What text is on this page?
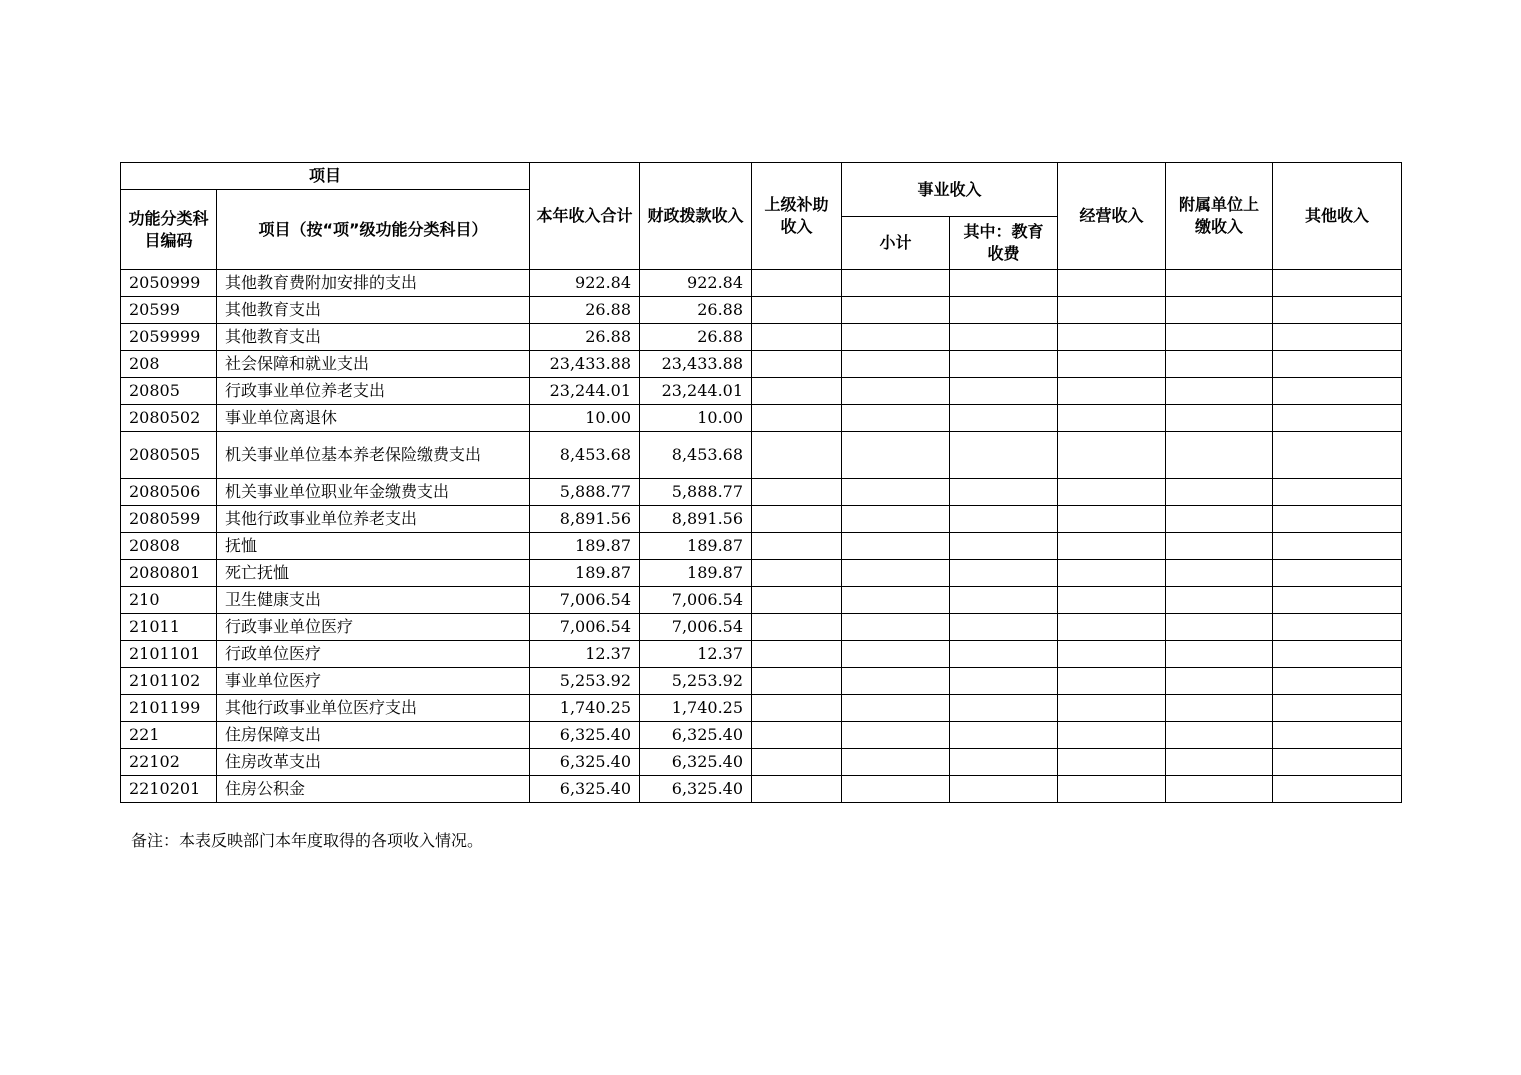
项目		本年收入合计	财政拨款收入	上级补助收入	事业收入		经营收入	附属单位上缴收入	其他收入
功能分类科目编码	项目（按“项”级功能分类科目）								
					小计	其中：教育收费			
2050999	其他教育费附加安排的支出	922.84	922.84						
20599	其他教育支出	26.88	26.88						
2059999	其他教育支出	26.88	26.88						
208	社会保障和就业支出	23,433.88	23,433.88						
20805	行政事业单位养老支出	23,244.01	23,244.01						
2080502	事业单位离退休	10.00	10.00						
2080505	机关事业单位基本养老保险缴费支出	8,453.68	8,453.68						
2080506	机关事业单位职业年金缴费支出	5,888.77	5,888.77						
2080599	其他行政事业单位养老支出	8,891.56	8,891.56						
20808	抚恤	189.87	189.87						
2080801	死亡抚恤	189.87	189.87						
210	卫生健康支出	7,006.54	7,006.54						
21011	行政事业单位医疗	7,006.54	7,006.54						
2101101	行政单位医疗	12.37	12.37						
2101102	事业单位医疗	5,253.92	5,253.92						
2101199	其他行政事业单位医疗支出	1,740.25	1,740.25						
221	住房保障支出	6,325.40	6,325.40						
22102	住房改革支出	6,325.40	6,325.40						
2210201	住房公积金	6,325.40	6,325.40						
备注：本表反映部门本年度取得的各项收入情况。
